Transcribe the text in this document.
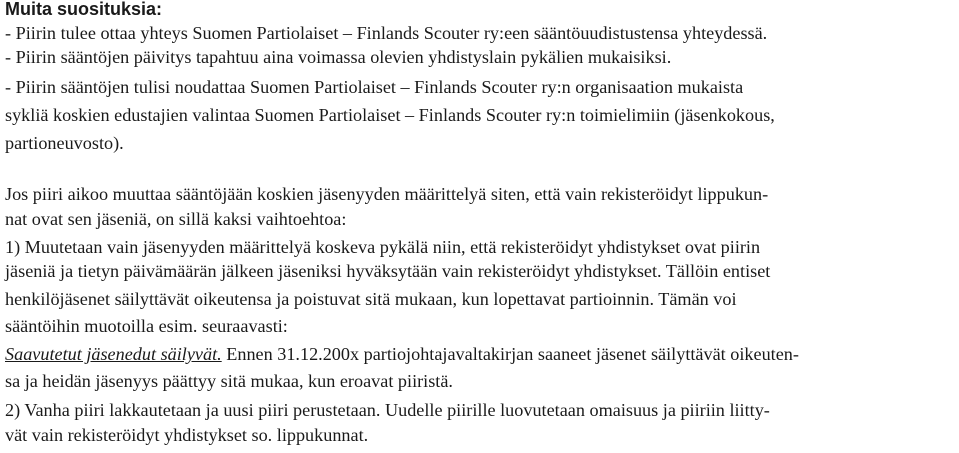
Muita suosituksia:
- Piirin tulee ottaa yhteys Suomen Partiolaiset – Finlands Scouter ry:een sääntöuudistustensa yhteydessä.
- Piirin sääntöjen päivitys tapahtuu aina voimassa olevien yhdistyslain pykälien mukaisiksi.
- Piirin sääntöjen tulisi noudattaa Suomen Partiolaiset – Finlands Scouter ry:n organisaation mukaista
sykliä koskien edustajien valintaa Suomen Partiolaiset – Finlands Scouter ry:n toimielimiin (jäsenkokous,
partioneuvosto).
Jos piiri aikoo muuttaa sääntöjään koskien jäsenyyden määrittelyä siten, että vain rekisteröidyt lippukun-
nat ovat sen jäseniä, on sillä kaksi vaihtoehtoa:
1) Muutetaan vain jäsenyyden määrittelyä koskeva pykälä niin, että rekisteröidyt yhdistykset ovat piirin
jäseniä ja tietyn päivämäärän jälkeen jäseniksi hyväksytään vain rekisteröidyt yhdistykset. Tällöin entiset
henkilöjäsenet säilyttävät oikeutensa ja poistuvat sitä mukaan, kun lopettavat partioinnin. Tämän voi
sääntöihin muotoilla esim. seuraavasti:
Saavutetut jäsenedut säilyvät. Ennen 31.12.200x partiojohtajavaltakirjan saaneet jäsenet säilyttävät oikeuten-
sa ja heidän jäsenyys päättyy sitä mukaa, kun eroavat piiristä.
2) Vanha piiri lakkautetaan ja uusi piiri perustetaan. Uudelle piirille luovutetaan omaisuus ja piiriin liitty-
vät vain rekisteröidyt yhdistykset so. lippukunnat.
